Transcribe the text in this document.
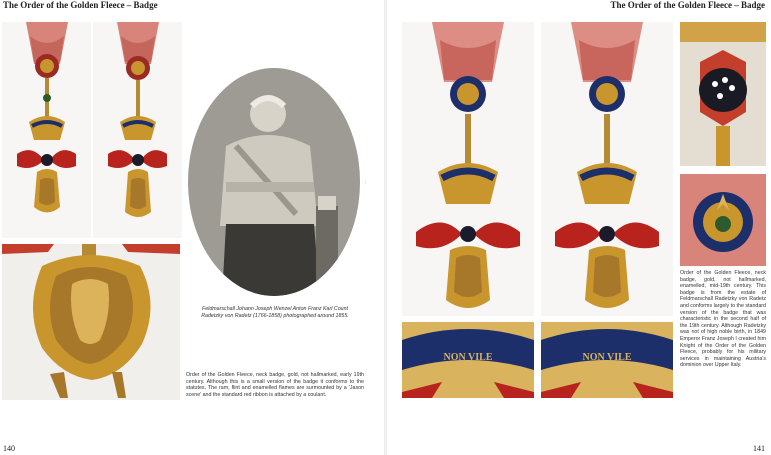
The Order of the Golden Fleece – Badge
|
Feldmarschall Johann Joseph Wenzel Anton Franz Karl Count Radetzky von Radetz (1766-1858) photographed around 1855.
Order of the Golden Fleece, neck badge, gold, not hallmarked, early 19th century. Although this is a small version of the badge it conforms to the statutes. The ram, flint and enamelled flames are surmounted by a ‘Jason scene’ and the standard red ribbon is attached by a coulant.
140
The Order of the Golden Fleece – Badge
NON VILE	NON VILE
Order of the Golden Fleece, neck badge, gold, not hallmarked, enamelled, mid-19th century. This badge is from the estate of Feldmarschall Radetzky von Radetz and conforms largely to the standard version of the badge that was characteristic in the second half of the 19th century. Although Radetzky was not of high noble birth, in 1849 Emperor Franz Joseph I created him Knight of the Order of the Golden Fleece, probably for his military services in maintaining Austria’s dominion over Upper Italy.
141
